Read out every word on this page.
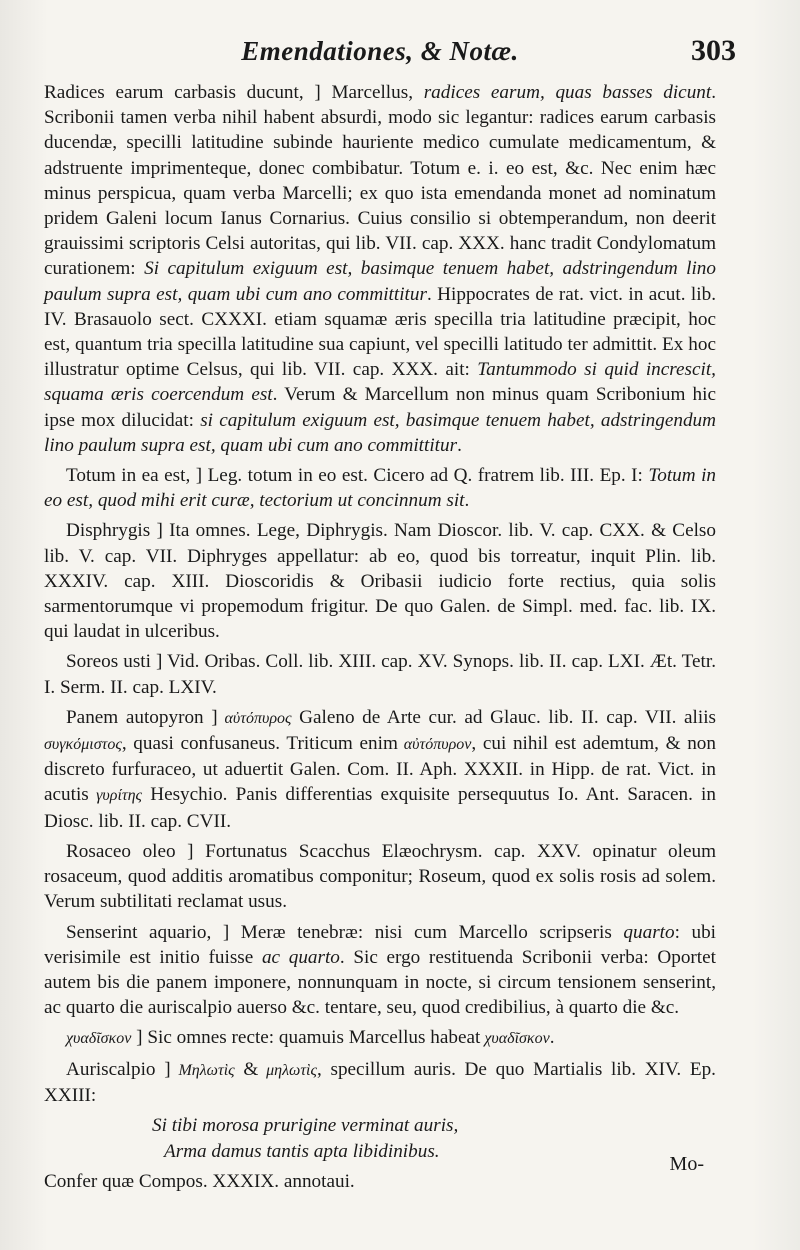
Emendationes, & Notæ.	303

Radices earum carbasis ducunt, ] Marcellus, radices earum, quas basses dicunt. Scribonii tamen verba nihil habent absurdi, modo sic legantur: radices earum carbasis ducendæ, specilli latitudine subinde hauriente medico cumulate medicamentum, & adstruente imprimenteque, donec combibatur. Totum e. i. eo est, &c. Nec enim hæc minus perspicua, quam verba Marcelli; ex quo ista emendanda monet ad nominatum pridem Galeni locum Ianus Cornarius. Cuius consilio si obtemperandum, non deerit grauissimi scriptoris Celsi autoritas, qui lib. VII. cap. XXX. hanc tradit Condylomatum curationem: Si capitulum exiguum est, basimque tenuem habet, adstringendum lino paulum supra est, quam ubi cum ano committitur. Hippocrates de rat. vict. in acut. lib. IV. Brasauolo sect. CXXXI. etiam squamæ æris specilla tria latitudine præcipit, hoc est, quantum tria specilla latitudine sua capiunt, vel specilli latitudo ter admittit. Ex hoc illustratur optime Celsus, qui lib. VII. cap. XXX. ait: Tantummodo si quid increscit, squama æris coercendum est. Verum & Marcellum non minus quam Scribonium hic ipse mox dilucidat: si capitulum exiguum est, basimque tenuem habet, adstringendum lino paulum supra est, quam ubi cum ano committitur.

Totum in ea est, ] Leg. totum in eo est. Cicero ad Q. fratrem lib. III. Ep. I: Totum in eo est, quod mihi erit curæ, tectorium ut concinnum sit.

Disphrygis ] Ita omnes. Lege, Diphrygis. Nam Dioscor. lib. V. cap. CXX. & Celso lib. V. cap. VII. Diphryges appellatur: ab eo, quod bis torreatur, inquit Plin. lib. XXXIV. cap. XIII. Dioscoridis & Oribasii iudicio forte rectius, quia solis sarmentorumque vi propemodum frigitur. De quo Galen. de Simpl. med. fac. lib. IX. qui laudat in ulceribus.

Soreos usti ] Vid. Oribas. Coll. lib. XIII. cap. XV. Synops. lib. II. cap. LXI. Æt. Tetr. I. Serm. II. cap. LXIV.

Panem autopyron ] αὐτόπυρος Galeno de Arte cur. ad Glauc. lib. II. cap. VII. aliis συγκόμιστος, quasi confusaneus. Triticum enim αὐτόπυρον, cui nihil est ademtum, & non discreto furfuraceo, ut aduertit Galen. Com. II. Aph. XXXII. in Hipp. de rat. Vict. in acutis γυρίτης Hesychio. Panis differentias exquisite persequutus Io. Ant. Saracen. in Diosc. lib. II. cap. CVII.

Rosaceo oleo ] Fortunatus Scacchus Elæochrysm. cap. XXV. opinatur oleum rosaceum, quod additis aromatibus componitur; Roseum, quod ex solis rosis ad solem. Verum subtilitati reclamat usus.

Senserint aquario, ] Meræ tenebræ: nisi cum Marcello scripseris quarto: ubi verisimile est initio fuisse ac quarto. Sic ergo restituenda Scribonii verba: Oportet autem bis die panem imponere, nonnunquam in nocte, si circum tensionem senserint, ac quarto die auriscalpio auerso &c. tentare, seu, quod credibilius, à quarto die &c.

χυαδῖσκον ] Sic omnes recte: quamuis Marcellus habeat χυαδῖσκον.

Auriscalpio ] Μηλωτὶς & μηλωτὶς, specillum auris. De quo Martialis lib. XIV. Ep. XXIII:

Si tibi morosa prurigine verminat auris,
Arma damus tantis apta libidinibus.

Confer quæ Compos. XXXIX. annotaui.

Mo-
